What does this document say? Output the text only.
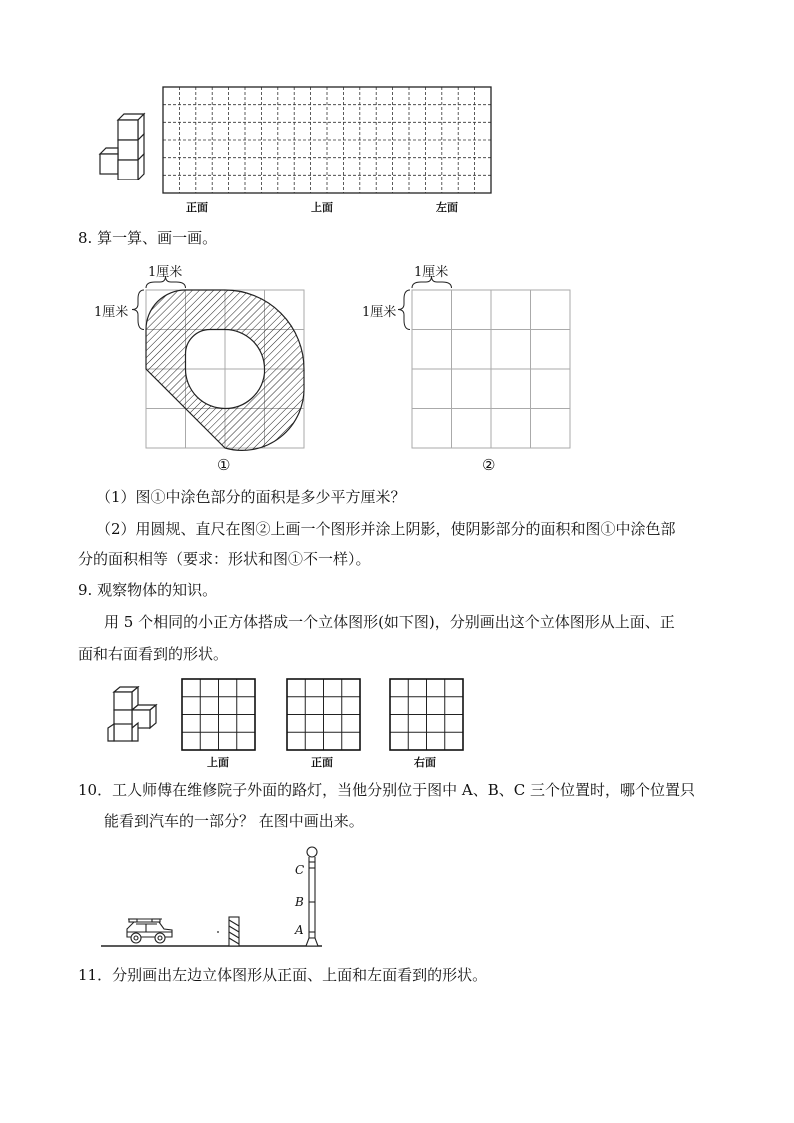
正面	上面	左面
8. 算一算、画一画。
1厘米
1厘米
①
1厘米
1厘米
②
（1）图①中涂色部分的面积是多少平方厘米？
（2）用圆规、直尺在图②上画一个图形并涂上阴影，使阴影部分的面积和图①中涂色部
分的面积相等（要求：形状和图①不一样）。
9. 观察物体的知识。
用 5 个相同的小正方体搭成一个立体图形(如下图)，分别画出这个立体图形从上面、正
面和右面看到的形状。
上面	正面	右面
10．工人师傅在维修院子外面的路灯，当他分别位于图中 A、B、C 三个位置时，哪个位置只
能看到汽车的一部分？ 在图中画出来。
C
B
A
11．分别画出左边立体图形从正面、上面和左面看到的形状。
